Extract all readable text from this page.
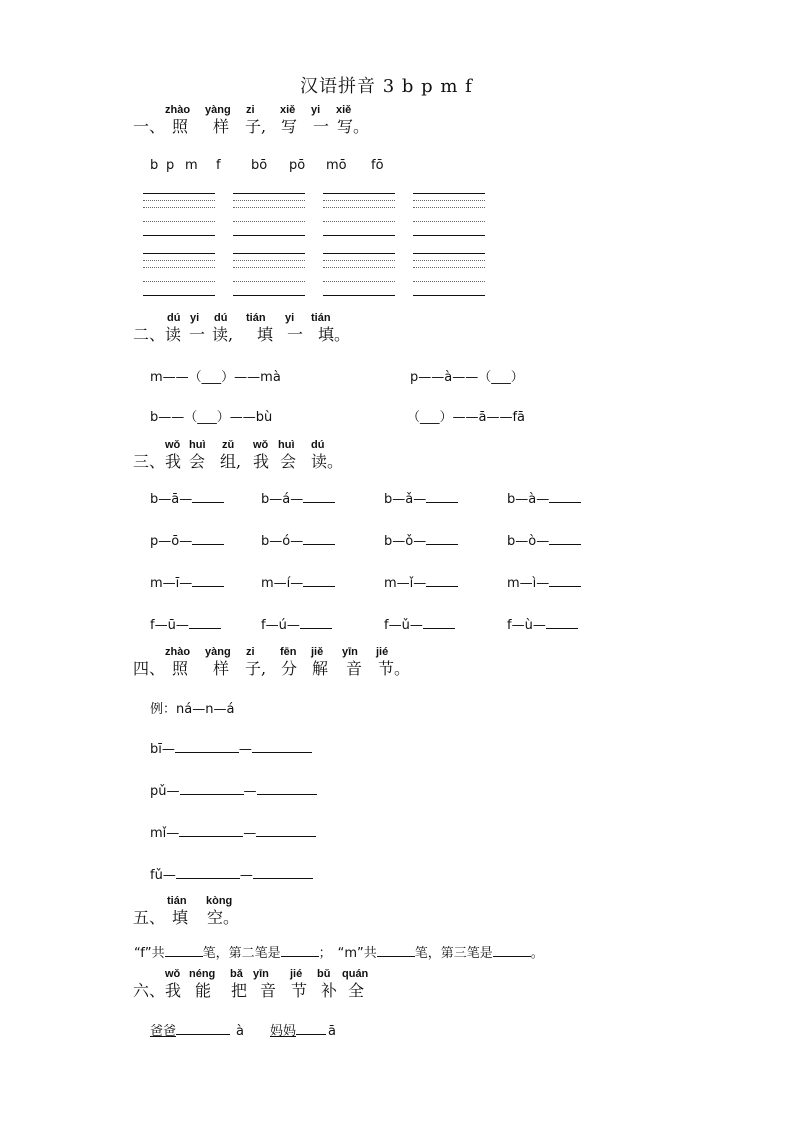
汉语拼音 3 b p m f
一、
zhào yàng zi xiě yi xiě
照 样 子, 写 一 写。
b p m f bō pō mō fō
二、
dú yi dú tián yi tián
读 一 读, 填 一 填。
m——（___）——mà	p——à——（___）
b——（___）——bù	（___）——ā——fā
三、
wǒ huì zǔ wǒ huì dú
我 会 组, 我 会 读。
b—ā—	b—á—	b—ǎ—	b—à—
p—ō—	b—ó—	b—ǒ—	b—ò—
m—ī—	m—í—	m—ǐ—	m—ì—
f—ū—	f—ú—	f—ǔ—	f—ù—
四、
zhào yàng zi fēn jiě yīn jié
照 样 子, 分 解 音 节。
例：ná—n—á
bī—	—
pǔ—	—
mǐ—	—
fǔ—	—
五、
tián kòng
填 空。
“f”共	笔，第二笔是	； “m”共	笔，第三笔是	。
六、
wǒ néng bǎ yīn jié bǔ quán
我 能 把 音 节 补 全
爸爸	à 妈妈 ā
